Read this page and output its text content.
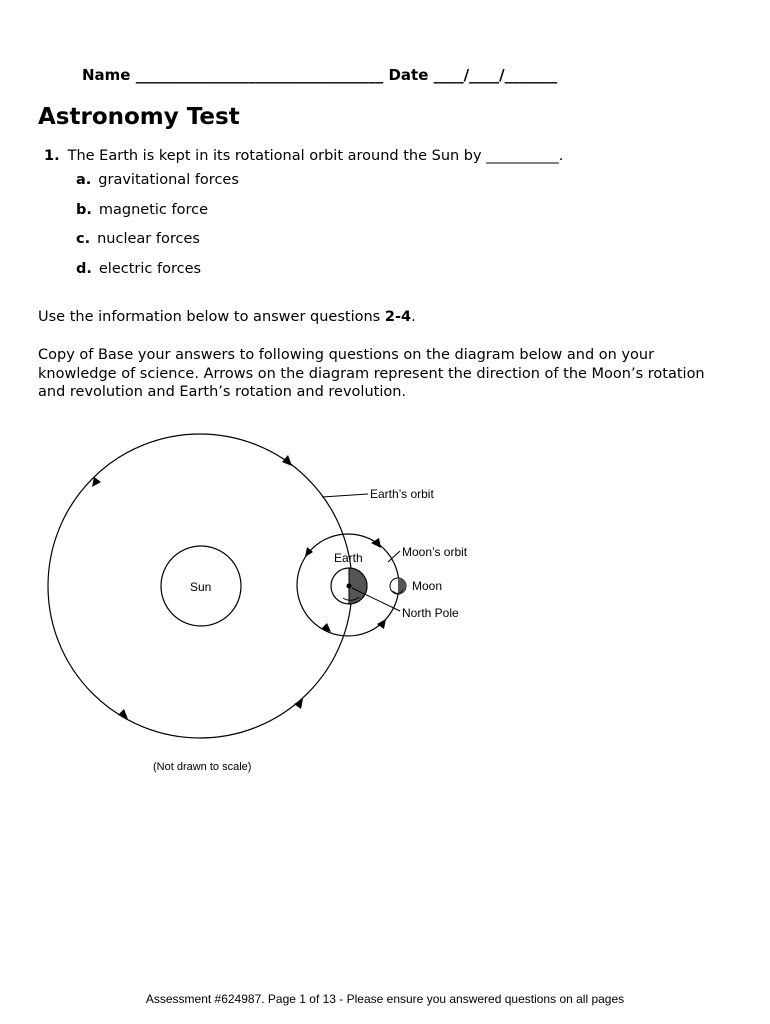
Name _________________________________ Date ____/____/_______
Astronomy Test
1. The Earth is kept in its rotational orbit around the Sun by __________.
a. gravitational forces
b. magnetic force
c. nuclear forces
d. electric forces
Use the information below to answer questions 2-4.

Copy of Base your answers to following questions on the diagram below and on your knowledge of science. Arrows on the diagram represent the direction of the Moon’s rotation and revolution and Earth’s rotation and revolution.

Sun
Earth
Moon
Earth’s orbit
Moon’s orbit
North Pole
(Not drawn to scale)
Assessment #624987. Page 1 of 13 - Please ensure you answered questions on all pages
